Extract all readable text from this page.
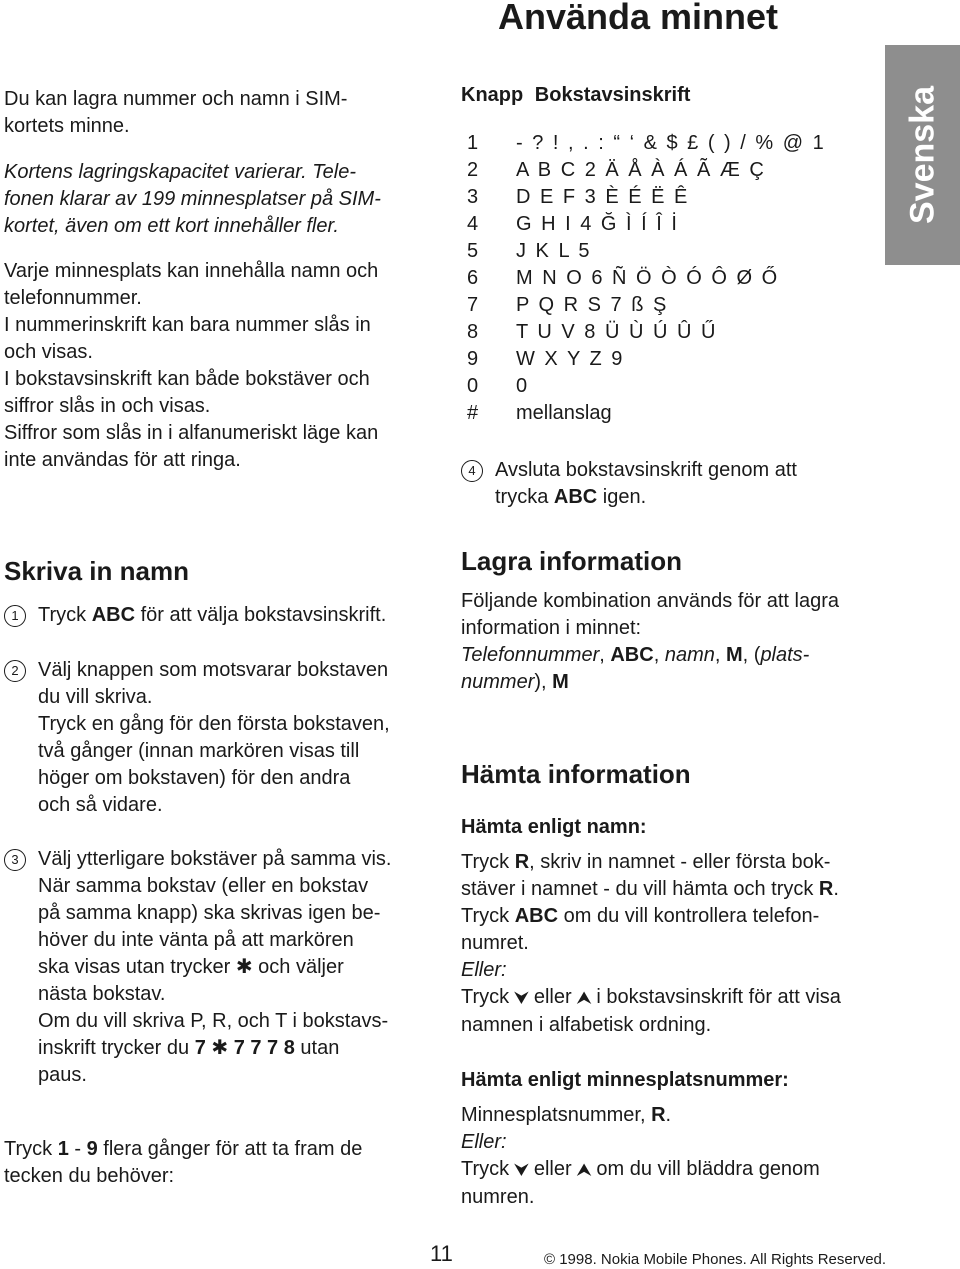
Använda minnet
Svenska

Du kan lagra nummer och namn i SIM-kortets minne.

Kortens lagringskapacitet varierar. Tele-
fonen klarar av 199 minnesplatser på SIM-
kortet, även om ett kort innehåller fler.
Varje minnesplats kan innehålla namn och
telefonnummer.
I nummerinskrift kan bara nummer slås in
och visas.
I bokstavsinskrift kan både bokstäver och
siffror slås in och visas.
Siffror som slås in i alfanumeriskt läge kan
inte användas för att ringa.
Skriva in namn
1 Tryck ABC för att välja bokstavsinskrift.
2 Välj knappen som motsvarar bokstaven
du vill skriva.
Tryck en gång för den första bokstaven,
två gånger (innan markören visas till
höger om bokstaven) för den andra
och så vidare.
3 Välj ytterligare bokstäver på samma vis.
När samma bokstav (eller en bokstav
på samma knapp) ska skrivas igen be-
höver du inte vänta på att markören
ska visas utan trycker ✱ och väljer
nästa bokstav.
Om du vill skriva P, R, och T i bokstavs-
inskrift trycker du 7 ✱ 7 7 7 8 utan
paus.
Tryck 1 - 9 flera gånger för att ta fram de
tecken du behöver:
Knapp Bokstavsinskrift
1 - ? ! , . : “ ‘ & $ £ ( ) / % @ 1
2 A B C 2 Ä Å À Á Ã Æ Ç
3 D E F 3 È É Ë Ê
4 G H I 4 Ğ Ì Í Î İ
5 J K L 5
6 M N O 6 Ñ Ö Ò Ó Ô Ø Ő
7 P Q R S 7 ß Ş
8 T U V 8 Ü Ù Ú Û Ű
9 W X Y Z 9
0 0
# mellanslag
4 Avsluta bokstavsinskrift genom att
trycka ABC igen.
Lagra information
Följande kombination används för att lagra
information i minnet:
Telefonnummer, ABC, namn, M, (plats-
nummer), M
Hämta information
Hämta enligt namn:
Tryck R, skriv in namnet - eller första bok-
stäver i namnet - du vill hämta och tryck R.
Tryck ABC om du vill kontrollera telefon-
numret.
Eller:
Tryck ⮟ eller ⮝ i bokstavsinskrift för att visa
namnen i alfabetisk ordning.
Hämta enligt minnesplatsnummer:
Minnesplatsnummer, R.
Eller:
Tryck ⮟ eller ⮝ om du vill bläddra genom
numren.
11	© 1998. Nokia Mobile Phones. All Rights Reserved.
